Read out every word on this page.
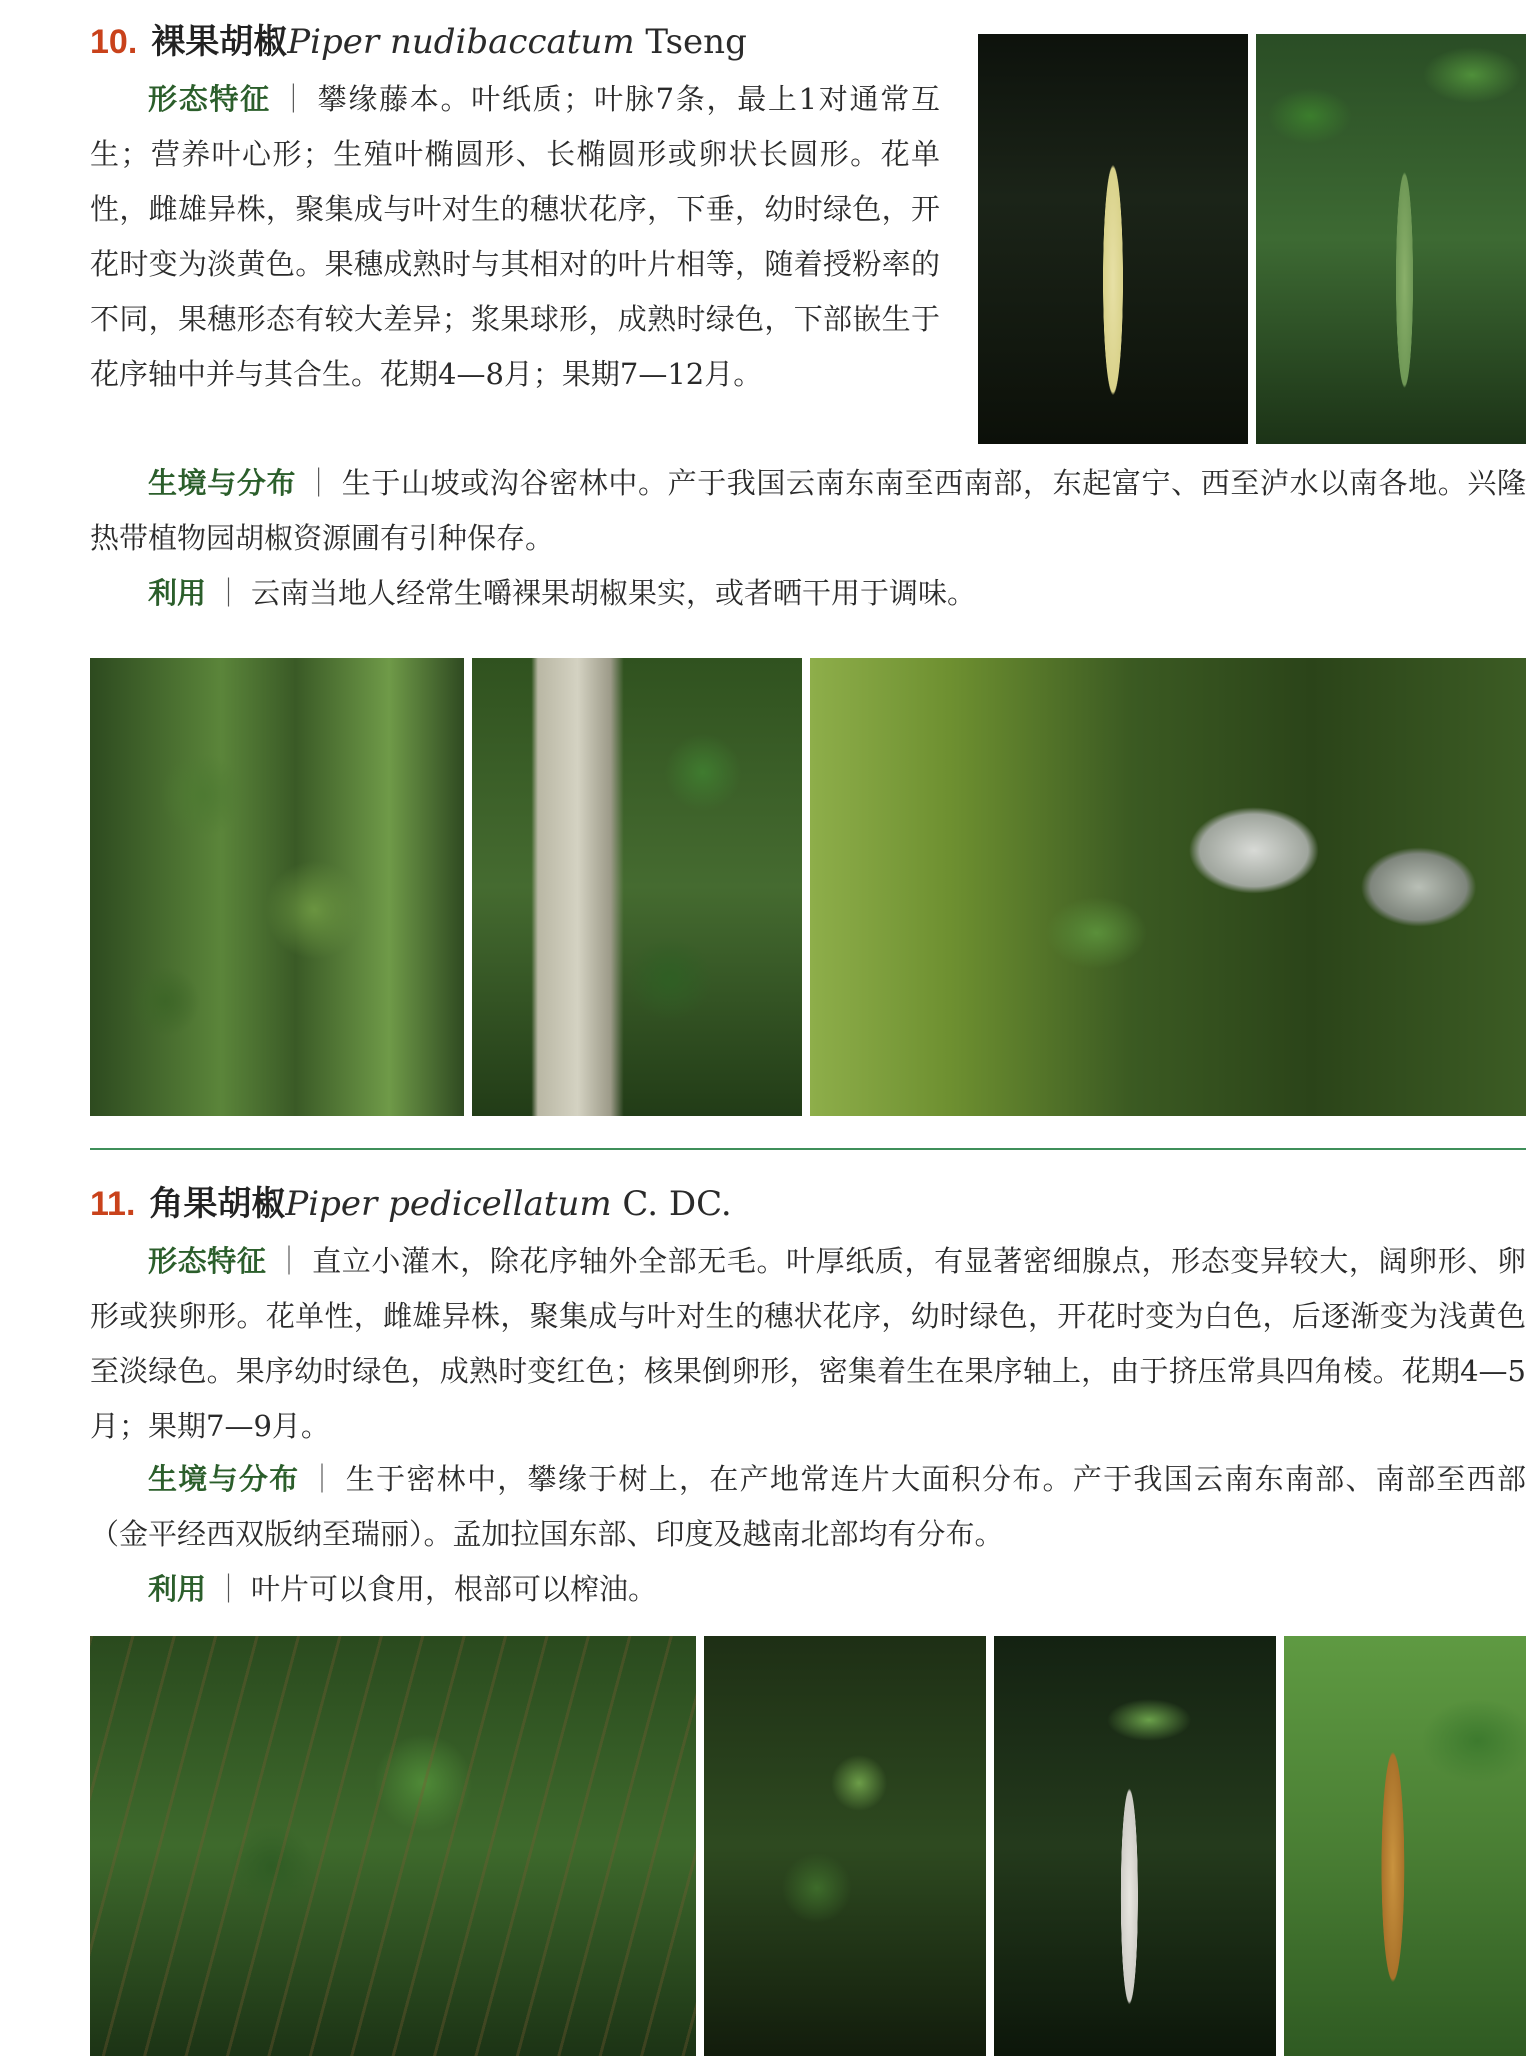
10. 裸果胡椒Piper nudibaccatum Tseng

形态特征 ｜ 攀缘藤本。叶纸质；叶脉7条，最上1对通常互生；营养叶心形；生殖叶椭圆形、长椭圆形或卵状长圆形。花单性，雌雄异株，聚集成与叶对生的穗状花序，下垂，幼时绿色，开花时变为淡黄色。果穗成熟时与其相对的叶片相等，随着授粉率的不同，果穗形态有较大差异；浆果球形，成熟时绿色，下部嵌生于花序轴中并与其合生。花期4—8月；果期7—12月。

生境与分布 ｜ 生于山坡或沟谷密林中。产于我国云南东南至西南部，东起富宁、西至泸水以南各地。兴隆热带植物园胡椒资源圃有引种保存。

利用 ｜ 云南当地人经常生嚼裸果胡椒果实，或者晒干用于调味。

11. 角果胡椒Piper pedicellatum C. DC.

形态特征 ｜ 直立小灌木，除花序轴外全部无毛。叶厚纸质，有显著密细腺点，形态变异较大，阔卵形、卵形或狭卵形。花单性，雌雄异株，聚集成与叶对生的穗状花序，幼时绿色，开花时变为白色，后逐渐变为浅黄色至淡绿色。果序幼时绿色，成熟时变红色；核果倒卵形，密集着生在果序轴上，由于挤压常具四角棱。花期4—5月；果期7—9月。

生境与分布 ｜ 生于密林中，攀缘于树上，在产地常连片大面积分布。产于我国云南东南部、南部至西部（金平经西双版纳至瑞丽）。孟加拉国东部、印度及越南北部均有分布。

利用 ｜ 叶片可以食用，根部可以榨油。
